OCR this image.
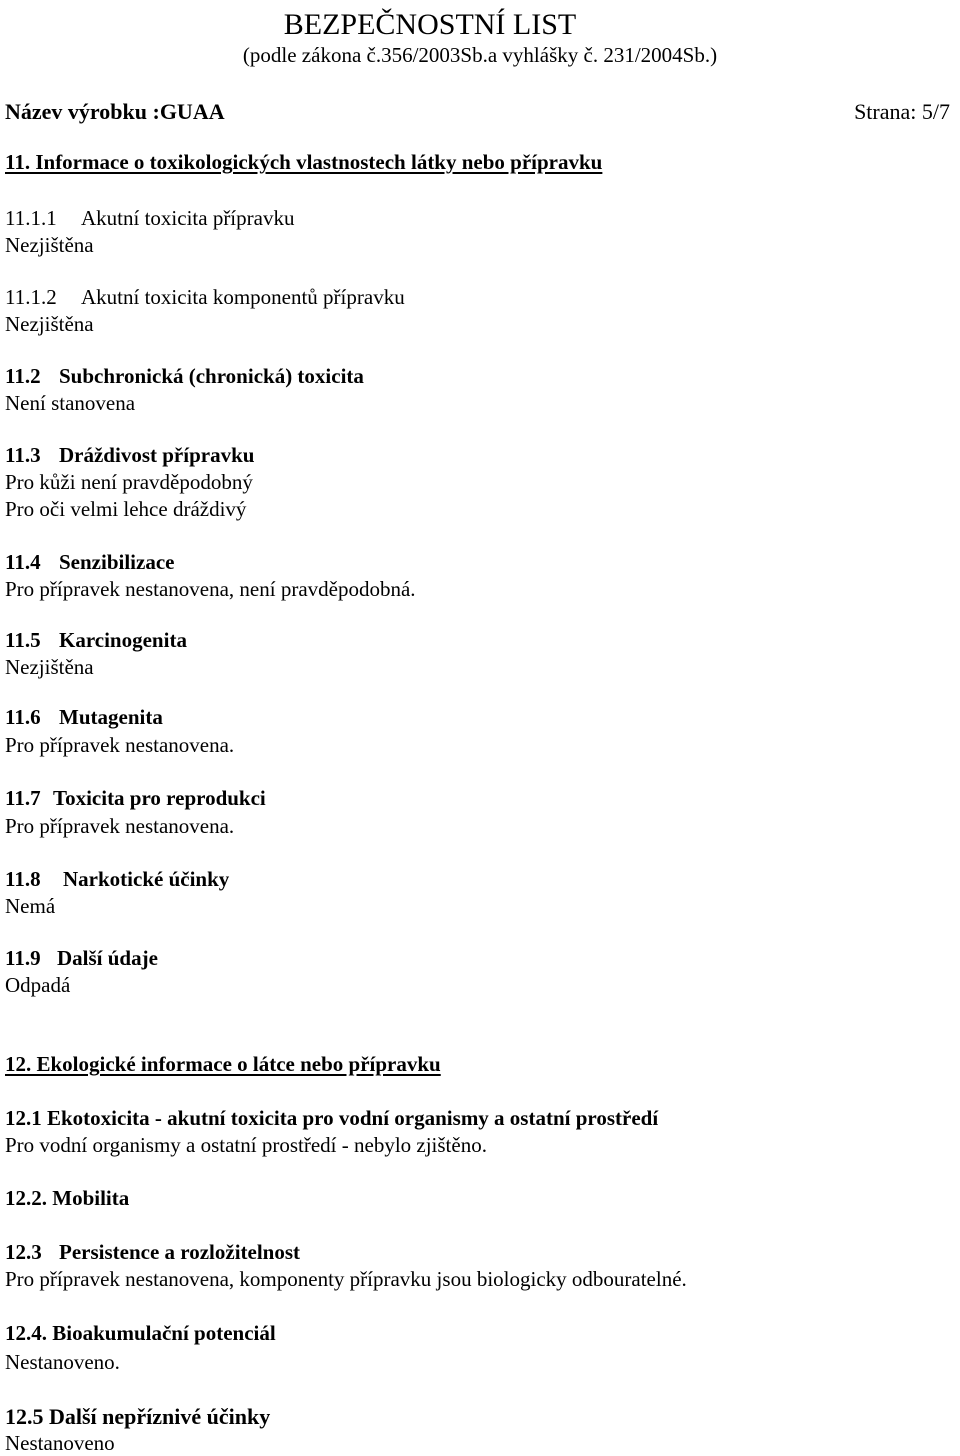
BEZPEČNOSTNÍ LIST
(podle zákona č.356/2003Sb.a vyhlášky č. 231/2004Sb.)
Název výrobku :GUAA	Strana: 5/7
11. Informace o toxikologických vlastnostech látky nebo přípravku
11.1.1 Akutní toxicita přípravku
Nezjištěna
11.1.2 Akutní toxicita komponentů přípravku
Nezjištěna
11.2 Subchronická (chronická) toxicita
Není stanovena
11.3 Dráždivost přípravku
Pro kůži není pravděpodobný
Pro oči velmi lehce dráždivý
11.4 Senzibilizace
Pro přípravek nestanovena, není pravděpodobná.
11.5 Karcinogenita
Nezjištěna
11.6 Mutagenita
Pro přípravek nestanovena.
11.7 Toxicita pro reprodukci
Pro přípravek nestanovena.
11.8 Narkotické účinky
Nemá
11.9 Další údaje
Odpadá
12. Ekologické informace o látce nebo přípravku
12.1 Ekotoxicita - akutní toxicita pro vodní organismy a ostatní prostředí
Pro vodní organismy a ostatní prostředí - nebylo zjištěno.
12.2. Mobilita
12.3 Persistence a rozložitelnost
Pro přípravek nestanovena, komponenty přípravku jsou biologicky odbouratelné.
12.4. Bioakumulační potenciál
Nestanoveno.
12.5 Další nepříznivé účinky
Nestanoveno
